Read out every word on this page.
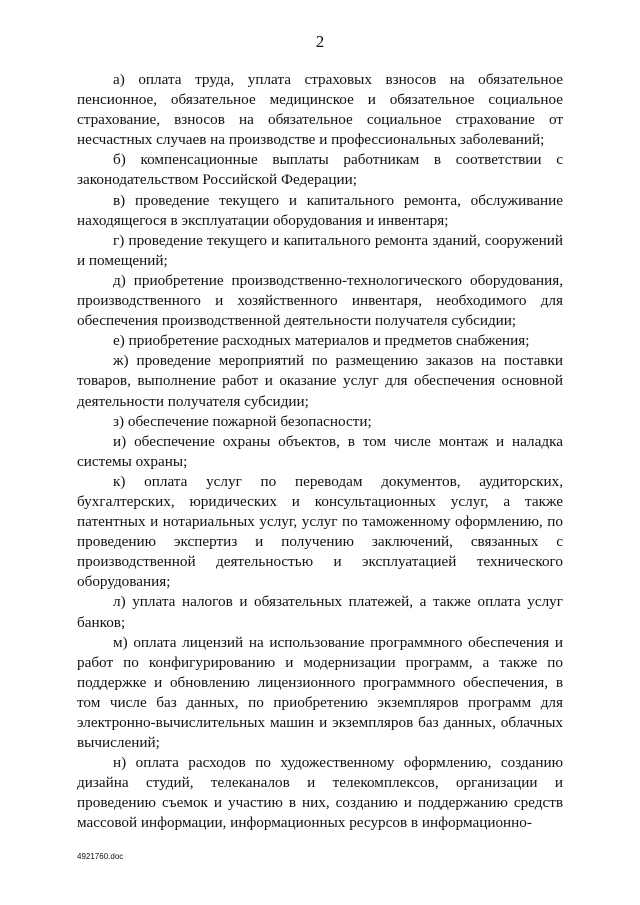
2

а) оплата труда, уплата страховых взносов на обязательное пенсионное, обязательное медицинское и обязательное социальное страхование, взносов на обязательное социальное страхование от несчастных случаев на производстве и профессиональных заболеваний;

б) компенсационные выплаты работникам в соответствии с законодательством Российской Федерации;

в) проведение текущего и капитального ремонта, обслуживание находящегося в эксплуатации оборудования и инвентаря;

г) проведение текущего и капитального ремонта зданий, сооружений и помещений;

д) приобретение производственно-технологического оборудования, производственного и хозяйственного инвентаря, необходимого для обеспечения производственной деятельности получателя субсидии;

е) приобретение расходных материалов и предметов снабжения;

ж) проведение мероприятий по размещению заказов на поставки товаров, выполнение работ и оказание услуг для обеспечения основной деятельности получателя субсидии;

з) обеспечение пожарной безопасности;

и) обеспечение охраны объектов, в том числе монтаж и наладка системы охраны;

к) оплата услуг по переводам документов, аудиторских, бухгалтерских, юридических и консультационных услуг, а также патентных и нотариальных услуг, услуг по таможенному оформлению, по проведению экспертиз и получению заключений, связанных с производственной деятельностью и эксплуатацией технического оборудования;

л) уплата налогов и обязательных платежей, а также оплата услуг банков;

м) оплата лицензий на использование программного обеспечения и работ по конфигурированию и модернизации программ, а также по поддержке и обновлению лицензионного программного обеспечения, в том числе баз данных, по приобретению экземпляров программ для электронно-вычислительных машин и экземпляров баз данных, облачных вычислений;

н) оплата расходов по художественному оформлению, созданию дизайна студий, телеканалов и телекомплексов, организации и проведению съемок и участию в них, созданию и поддержанию средств массовой информации, информационных ресурсов в информационно-

4921760.doc
